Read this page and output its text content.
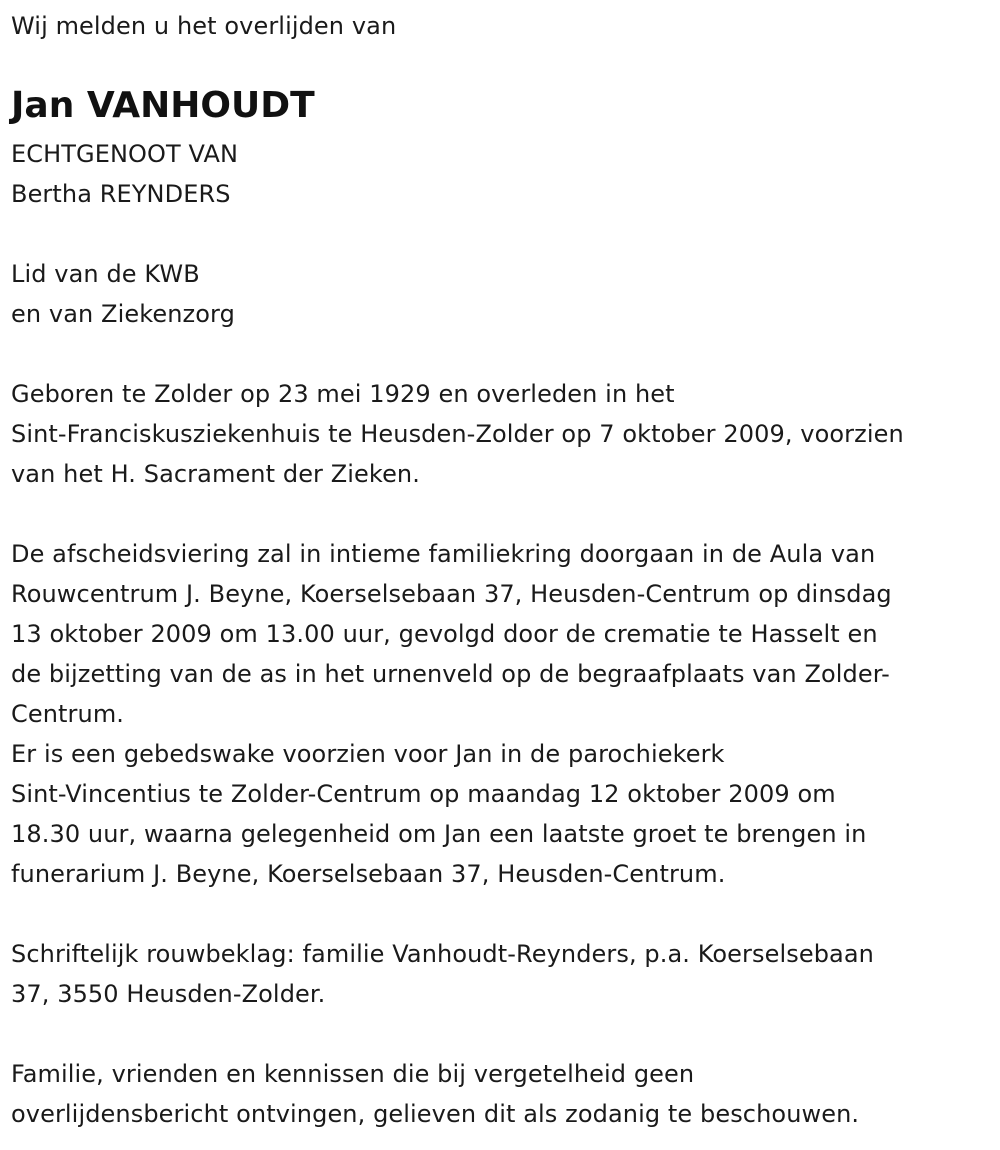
Wij melden u het overlijden van
Jan VANHOUDT
ECHTGENOOT VAN
Bertha REYNDERS
Lid van de KWB
en van Ziekenzorg
Geboren te Zolder op 23 mei 1929 en overleden in het
Sint-Franciskusziekenhuis te Heusden-Zolder op 7 oktober 2009, voorzien
van het H. Sacrament der Zieken.
De afscheidsviering zal in intieme familiekring doorgaan in de Aula van
Rouwcentrum J. Beyne, Koerselsebaan 37, Heusden-Centrum op dinsdag
13 oktober 2009 om 13.00 uur, gevolgd door de crematie te Hasselt en
de bijzetting van de as in het urnenveld op de begraafplaats van Zolder-
Centrum.
Er is een gebedswake voorzien voor Jan in de parochiekerk
Sint-Vincentius te Zolder-Centrum op maandag 12 oktober 2009 om
18.30 uur, waarna gelegenheid om Jan een laatste groet te brengen in
funerarium J. Beyne, Koerselsebaan 37, Heusden-Centrum.
Schriftelijk rouwbeklag: familie Vanhoudt-Reynders, p.a. Koerselsebaan
37, 3550 Heusden-Zolder.
Familie, vrienden en kennissen die bij vergetelheid geen
overlijdensbericht ontvingen, gelieven dit als zodanig te beschouwen.
